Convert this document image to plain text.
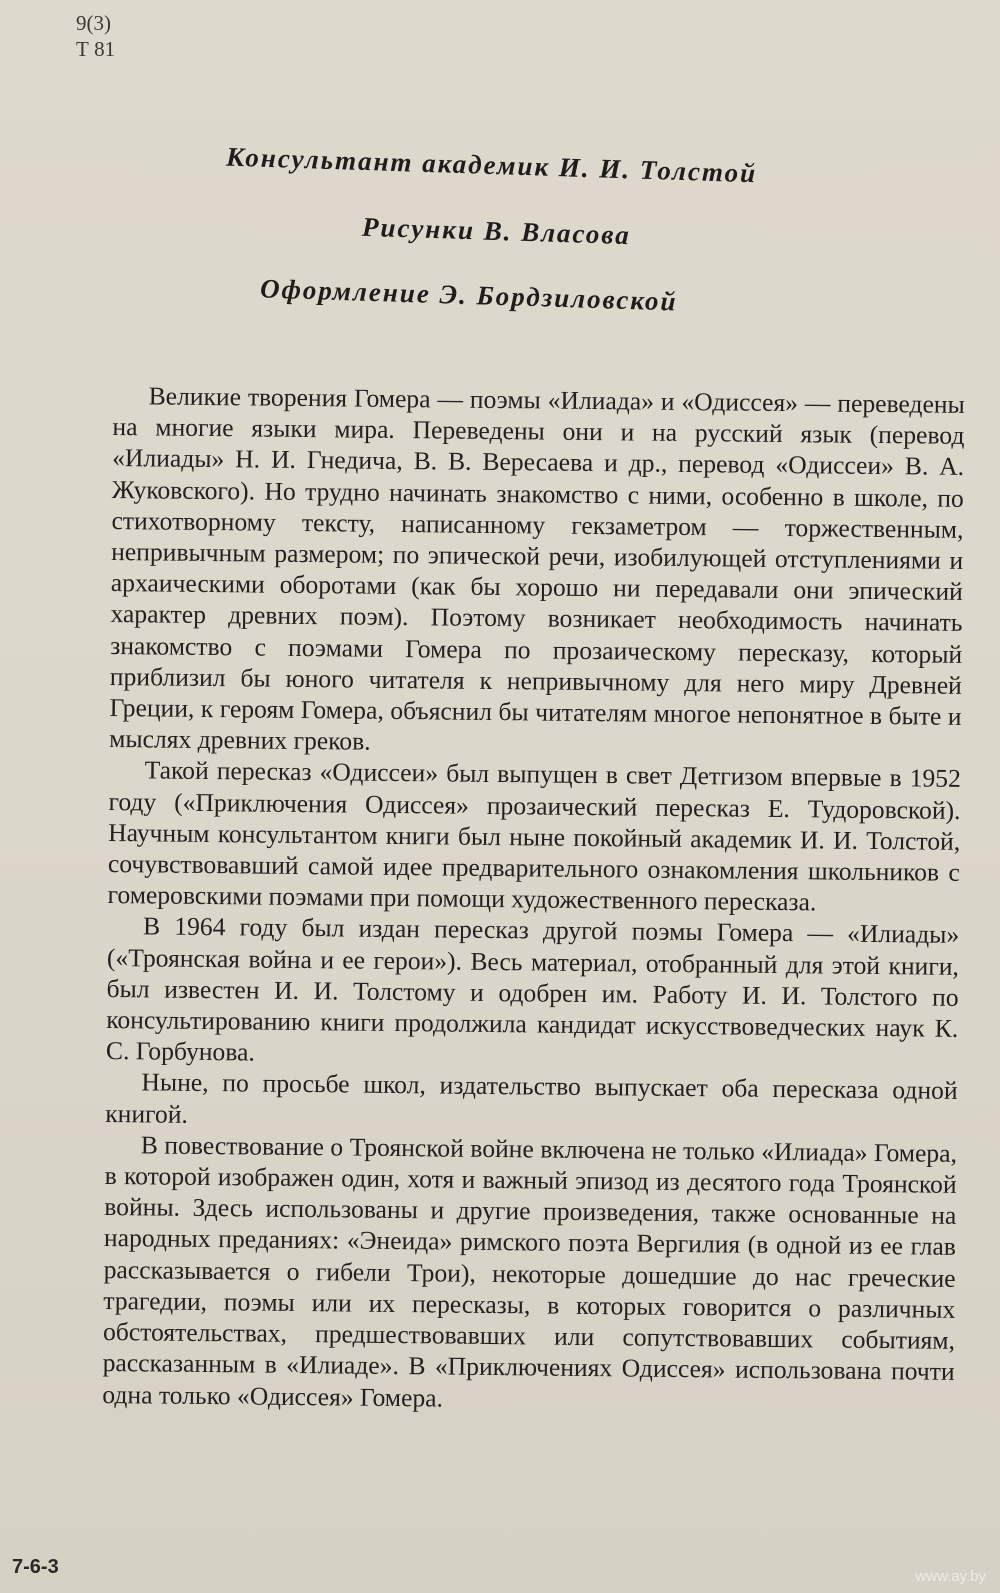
9(3)
Т 81
Консультант академик И. И. Толстой
Рисунки В. Власова
Оформление Э. Бордзиловской

Великие творения Гомера — поэмы «Илиада» и «Одиссея» — переведены на многие языки мира. Переведены они и на русский язык (перевод «Илиады» Н. И. Гнедича, В. В. Вересаева и др., перевод «Одиссеи» В. А. Жуковского). Но трудно начинать знакомство с ними, особенно в школе, по стихотворному тексту, написанному гекзаметром — торжественным, непривычным размером; по эпической речи, изобилующей отступлениями и архаическими оборотами (как бы хорошо ни передавали они эпический характер древних поэм). Поэтому возникает необходимость начинать знакомство с поэмами Гомера по прозаическому пересказу, который приблизил бы юного читателя к непривычному для него миру Древней Греции, к героям Гомера, объяснил бы читателям многое непонятное в быте и мыслях древних греков.

Такой пересказ «Одиссеи» был выпущен в свет Детгизом впервые в 1952 году («Приключения Одиссея» прозаический пересказ Е. Тудоровской). Научным консультантом книги был ныне покойный академик И. И. Толстой, сочувствовавший самой идее предварительного ознакомления школьников с гомеровскими поэмами при помощи художественного пересказа.

В 1964 году был издан пересказ другой поэмы Гомера — «Илиады» («Троянская война и ее герои»). Весь материал, отобранный для этой книги, был известен И. И. Толстому и одобрен им. Работу И. И. Толстого по консультированию книги продолжила кандидат искусствоведческих наук К. С. Горбунова.

Ныне, по просьбе школ, издательство выпускает оба пересказа одной книгой.

В повествование о Троянской войне включена не только «Илиада» Гомера, в которой изображен один, хотя и важный эпизод из десятого года Троянской войны. Здесь использованы и другие произведения, также основанные на народных преданиях: «Энеида» римского поэта Вергилия (в одной из ее глав рассказывается о гибели Трои), некоторые дошедшие до нас греческие трагедии, поэмы или их пересказы, в которых говорится о различных обстоятельствах, предшествовавших или сопутствовавших событиям, рассказанным в «Илиаде». В «Приключениях Одиссея» использована почти одна только «Одиссея» Гомера.

7-6-3	www.ay.by
